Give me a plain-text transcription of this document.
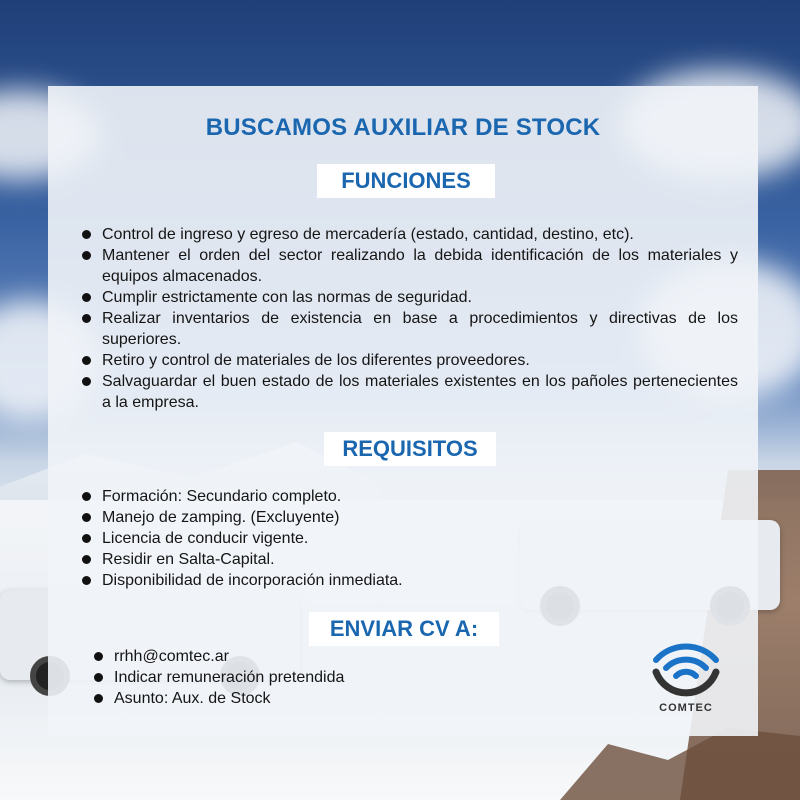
BUSCAMOS AUXILIAR DE STOCK
FUNCIONES
Control de ingreso y egreso de mercadería (estado, cantidad, destino, etc).
Mantener el orden del sector realizando la debida identificación de los materiales y equipos almacenados.
Cumplir estrictamente con las normas de seguridad.
Realizar inventarios de existencia en base a procedimientos y directivas de los superiores.
Retiro y control de materiales de los diferentes proveedores.
Salvaguardar el buen estado de los materiales existentes en los pañoles pertenecientes a la empresa.
REQUISITOS
Formación: Secundario completo.
Manejo de zamping. (Excluyente)
Licencia de conducir vigente.
Residir en Salta-Capital.
Disponibilidad de incorporación inmediata.
ENVIAR CV A:
rrhh@comtec.ar
Indicar remuneración pretendida
Asunto: Aux. de Stock
COMTEC
